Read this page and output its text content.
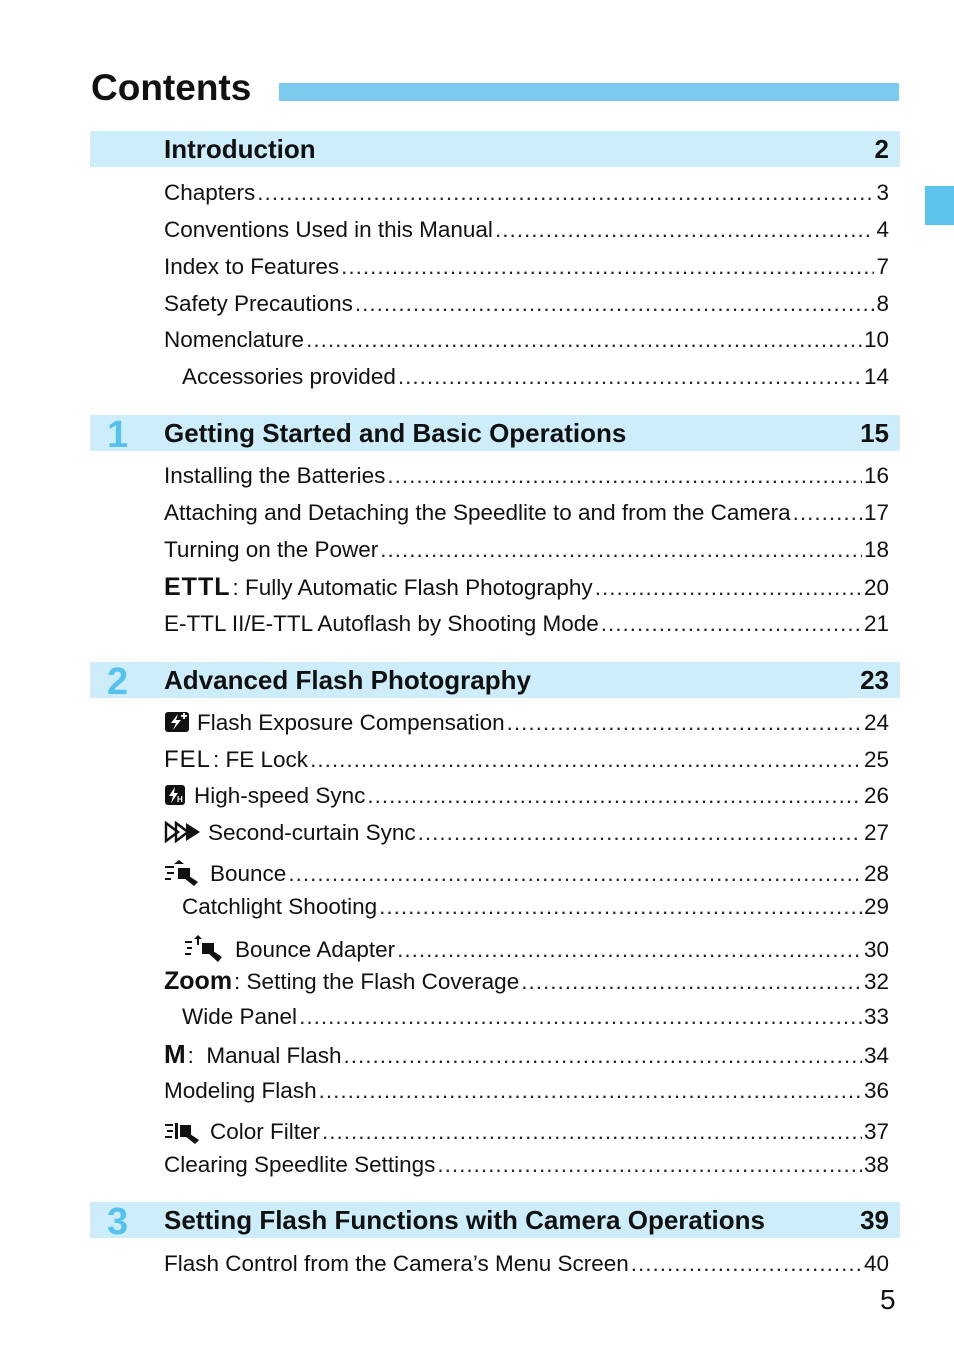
Contents
Introduction	2
Chapters .....	3
Conventions Used in this Manual .....	4
Index to Features .....	7
Safety Precautions .....	8
Nomenclature .....	10
Accessories provided .....	14
1 Getting Started and Basic Operations	15
Installing the Batteries .....	16
Attaching and Detaching the Speedlite to and from the Camera .....	17
Turning on the Power .....	18
ETTL : Fully Automatic Flash Photography .....	20
E-TTL II/E-TTL Autoflash by Shooting Mode .....	21
2 Advanced Flash Photography	23
Flash Exposure Compensation .....	24
FEL : FE Lock .....	25
H High-speed Sync .....	26
Second-curtain Sync .....	27
Bounce .....	28
Catchlight Shooting .....	29
Bounce Adapter .....	30
Zoom : Setting the Flash Coverage .....	32
Wide Panel .....	33
M :  Manual Flash .....	34
Modeling Flash .....	36
Color Filter .....	37
Clearing Speedlite Settings .....	38
3 Setting Flash Functions with Camera Operations	39
Flash Control from the Camera’s Menu Screen .....	40
5
